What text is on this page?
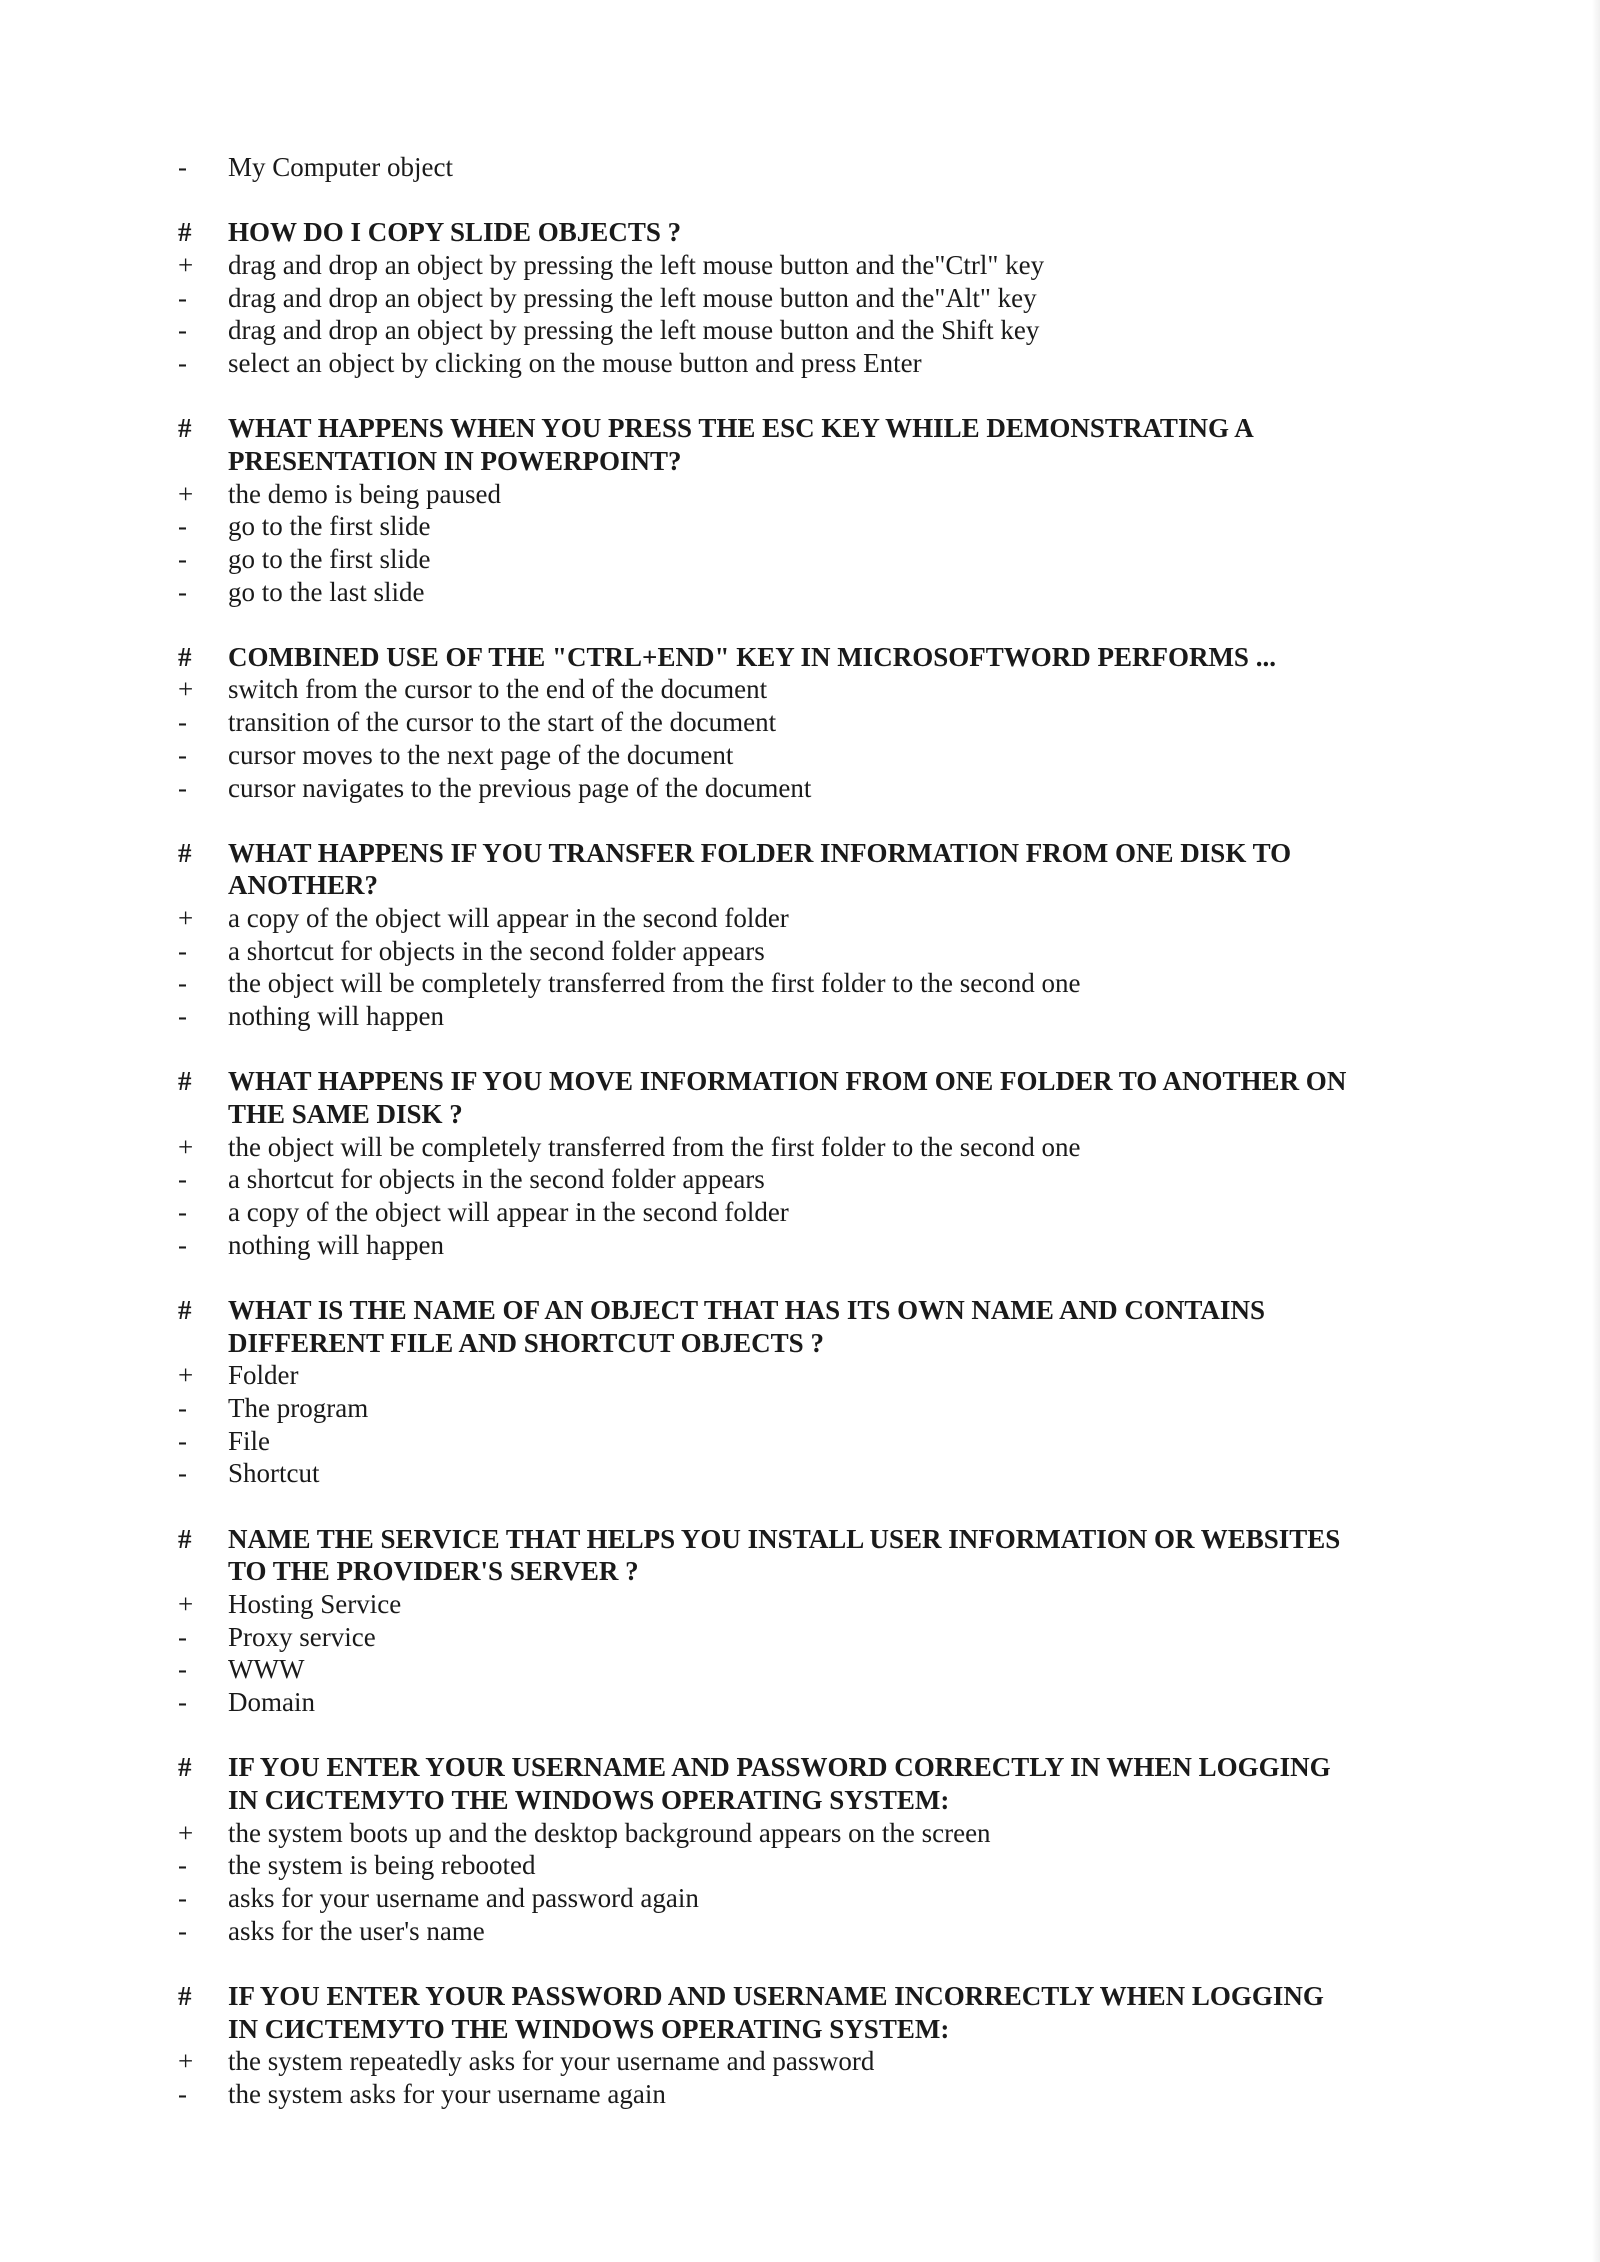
- My Computer object
# HOW DO I COPY SLIDE OBJECTS ?
+ drag and drop an object by pressing the left mouse button and the"Ctrl" key
- drag and drop an object by pressing the left mouse button and the"Alt" key
- drag and drop an object by pressing the left mouse button and the Shift key
- select an object by clicking on the mouse button and press Enter
# WHAT HAPPENS WHEN YOU PRESS THE ESC KEY WHILE DEMONSTRATING A
PRESENTATION IN POWERPOINT?
+ the demo is being paused
- go to the first slide
- go to the first slide
- go to the last slide
# COMBINED USE OF THE "CTRL+END" KEY IN MICROSOFTWORD PERFORMS ...
+ switch from the cursor to the end of the document
- transition of the cursor to the start of the document
- cursor moves to the next page of the document
- cursor navigates to the previous page of the document
# WHAT HAPPENS IF YOU TRANSFER FOLDER INFORMATION FROM ONE DISK TO
ANOTHER?
+ a copy of the object will appear in the second folder
- a shortcut for objects in the second folder appears
- the object will be completely transferred from the first folder to the second one
- nothing will happen
# WHAT HAPPENS IF YOU MOVE INFORMATION FROM ONE FOLDER TO ANOTHER ON
THE SAME DISK ?
+ the object will be completely transferred from the first folder to the second one
- a shortcut for objects in the second folder appears
- a copy of the object will appear in the second folder
- nothing will happen
# WHAT IS THE NAME OF AN OBJECT THAT HAS ITS OWN NAME AND CONTAINS
DIFFERENT FILE AND SHORTCUT OBJECTS ?
+ Folder
- The program
- File
- Shortcut
# NAME THE SERVICE THAT HELPS YOU INSTALL USER INFORMATION OR WEBSITES
TO THE PROVIDER'S SERVER ?
+ Hosting Service
- Proxy service
- WWW
- Domain
# IF YOU ENTER YOUR USERNAME AND PASSWORD CORRECTLY IN WHEN LOGGING
IN СИСТЕМУТО THE WINDOWS OPERATING SYSTEM:
+ the system boots up and the desktop background appears on the screen
- the system is being rebooted
- asks for your username and password again
- asks for the user's name
# IF YOU ENTER YOUR PASSWORD AND USERNAME INCORRECTLY WHEN LOGGING
IN СИСТЕМУТО THE WINDOWS OPERATING SYSTEM:
+ the system repeatedly asks for your username and password
- the system asks for your username again
